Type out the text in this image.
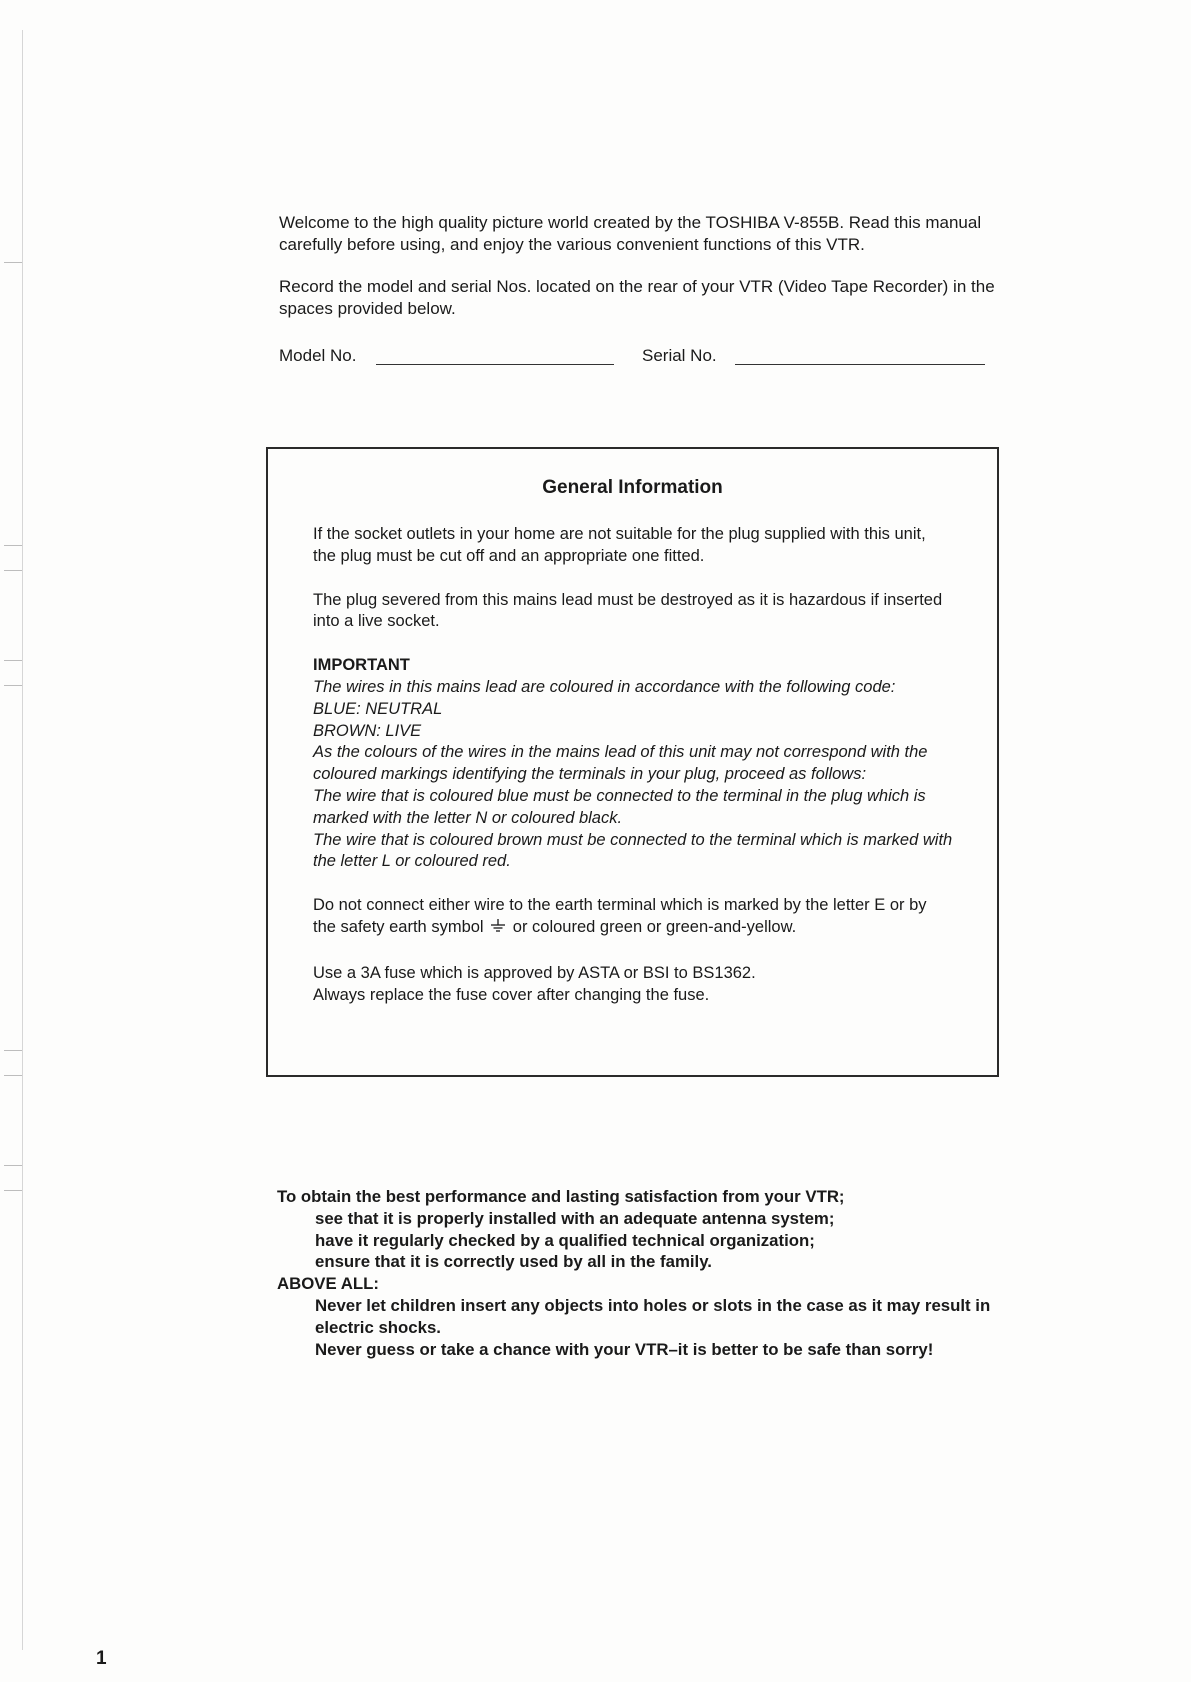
Welcome to the high quality picture world created by the TOSHIBA V-855B. Read this manual carefully before using, and enjoy the various convenient functions of this VTR.

Record the model and serial Nos. located on the rear of your VTR (Video Tape Recorder) in the spaces provided below.

Model No.	Serial No.
General Information

If the socket outlets in your home are not suitable for the plug supplied with this unit, the plug must be cut off and an appropriate one fitted.

The plug severed from this mains lead must be destroyed as it is hazardous if inserted into a live socket.

IMPORTANT

The wires in this mains lead are coloured in accordance with the following code:

BLUE: NEUTRAL

BROWN: LIVE

As the colours of the wires in the mains lead of this unit may not correspond with the coloured markings identifying the terminals in your plug, proceed as follows:

The wire that is coloured blue must be connected to the terminal in the plug which is marked with the letter N or coloured black.

The wire that is coloured brown must be connected to the terminal which is marked with the letter L or coloured red.

Do not connect either wire to the earth terminal which is marked by the letter E or by the safety earth symbol or coloured green or green-and-yellow.

Use a 3A fuse which is approved by ASTA or BSI to BS1362.
Always replace the fuse cover after changing the fuse.

To obtain the best performance and lasting satisfaction from your VTR;
see that it is properly installed with an adequate antenna system;
have it regularly checked by a qualified technical organization;
ensure that it is correctly used by all in the family.
ABOVE ALL:
Never let children insert any objects into holes or slots in the case as it may result in electric shocks.
Never guess or take a chance with your VTR–it is better to be safe than sorry!
1
